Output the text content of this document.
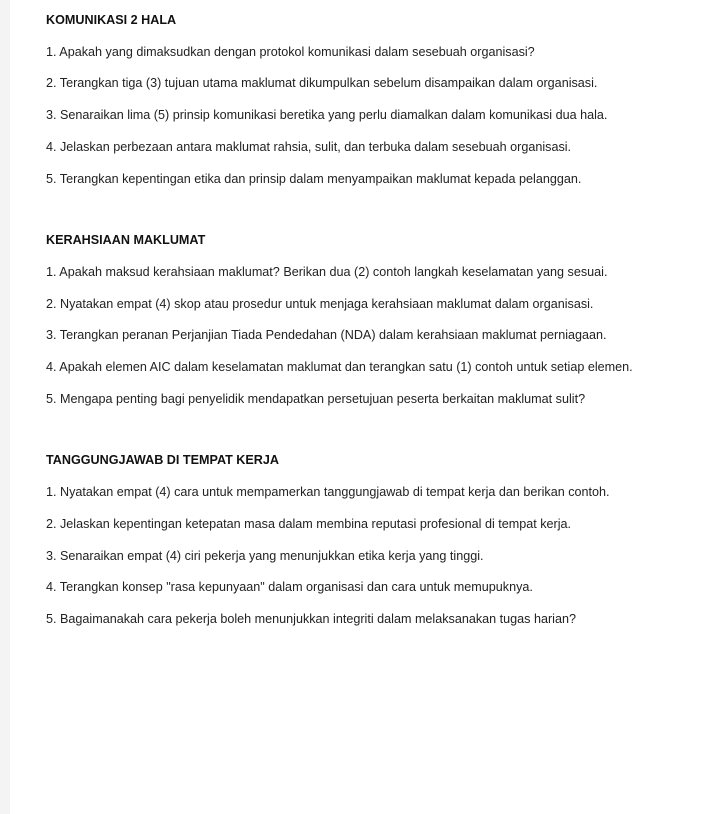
KOMUNIKASI 2 HALA

1. Apakah yang dimaksudkan dengan protokol komunikasi dalam sesebuah organisasi?

2. Terangkan tiga (3) tujuan utama maklumat dikumpulkan sebelum disampaikan dalam organisasi.

3. Senaraikan lima (5) prinsip komunikasi beretika yang perlu diamalkan dalam komunikasi dua hala.

4. Jelaskan perbezaan antara maklumat rahsia, sulit, dan terbuka dalam sesebuah organisasi.

5. Terangkan kepentingan etika dan prinsip dalam menyampaikan maklumat kepada pelanggan.

KERAHSIAAN MAKLUMAT

1. Apakah maksud kerahsiaan maklumat? Berikan dua (2) contoh langkah keselamatan yang sesuai.

2. Nyatakan empat (4) skop atau prosedur untuk menjaga kerahsiaan maklumat dalam organisasi.

3. Terangkan peranan Perjanjian Tiada Pendedahan (NDA) dalam kerahsiaan maklumat perniagaan.

4. Apakah elemen AIC dalam keselamatan maklumat dan terangkan satu (1) contoh untuk setiap elemen.

5. Mengapa penting bagi penyelidik mendapatkan persetujuan peserta berkaitan maklumat sulit?

TANGGUNGJAWAB DI TEMPAT KERJA

1. Nyatakan empat (4) cara untuk mempamerkan tanggungjawab di tempat kerja dan berikan contoh.

2. Jelaskan kepentingan ketepatan masa dalam membina reputasi profesional di tempat kerja.

3. Senaraikan empat (4) ciri pekerja yang menunjukkan etika kerja yang tinggi.

4. Terangkan konsep "rasa kepunyaan" dalam organisasi dan cara untuk memupuknya.

5. Bagaimanakah cara pekerja boleh menunjukkan integriti dalam melaksanakan tugas harian?
